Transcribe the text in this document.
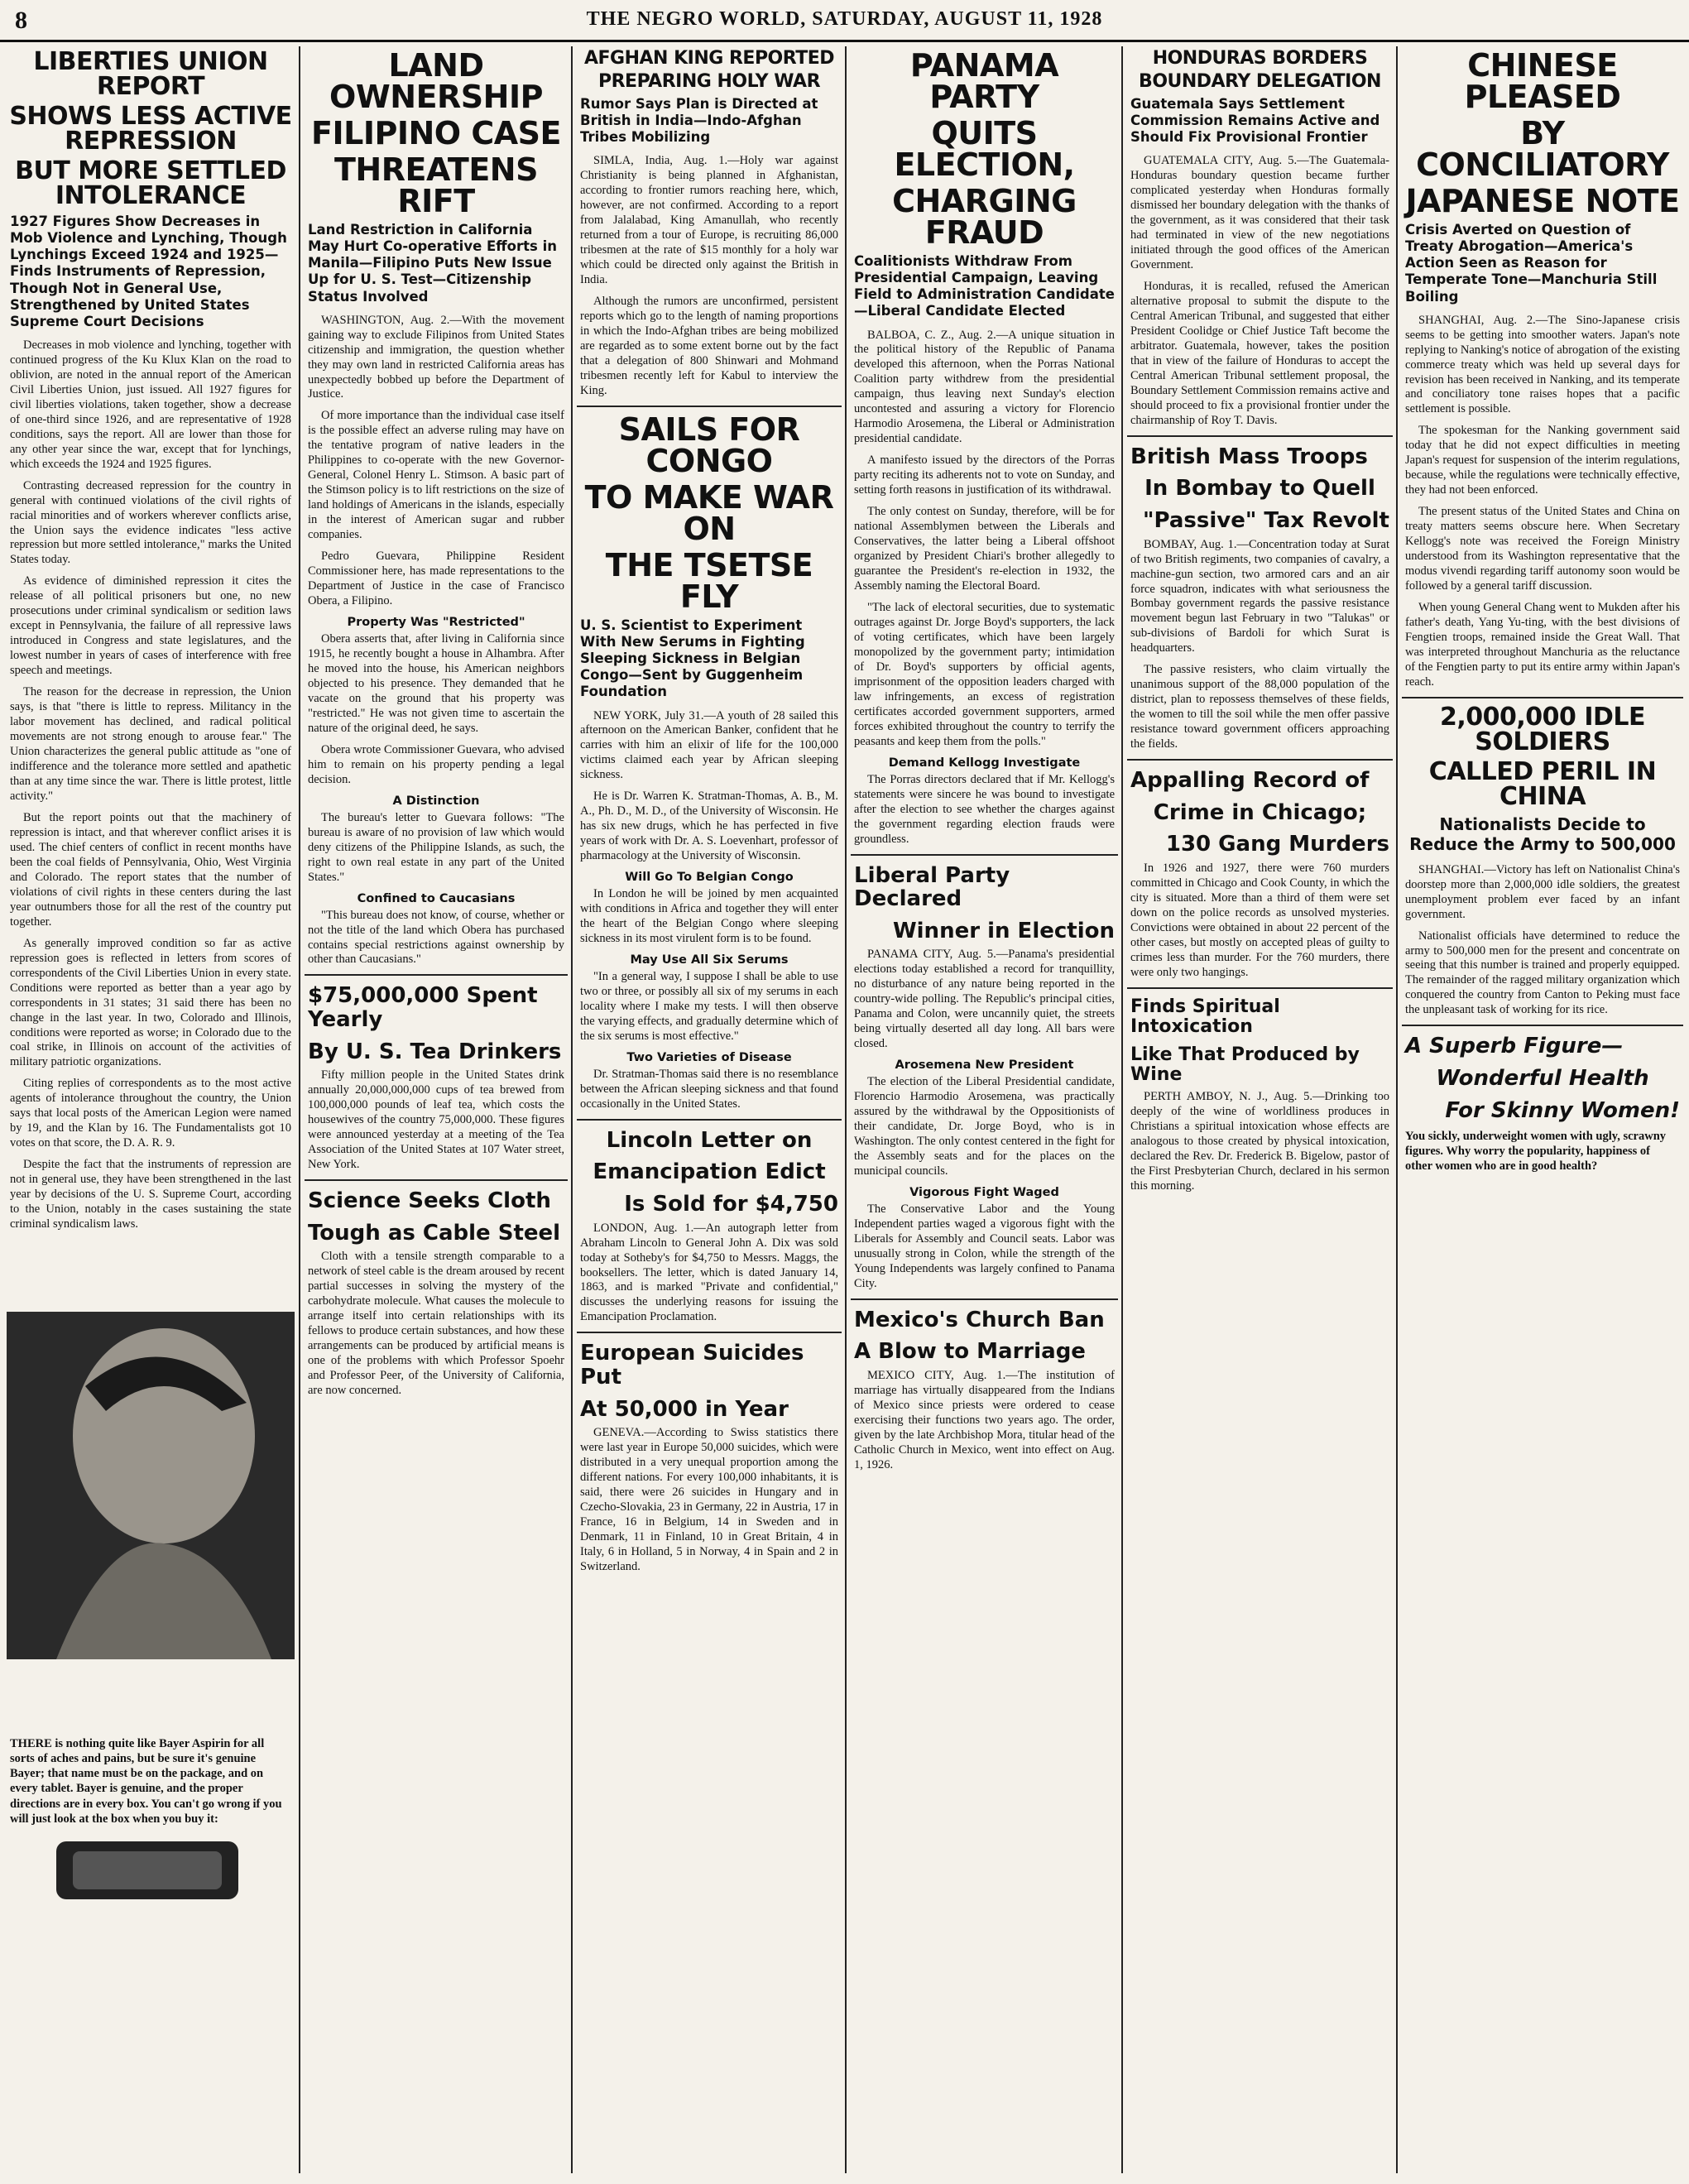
8	THE NEGRO WORLD, SATURDAY, AUGUST 11, 1928
LIBERTIES UNION REPORT
SHOWS LESS ACTIVE REPRESSION
BUT MORE SETTLED INTOLERANCE
1927 Figures Show Decreases in Mob Violence and Lynching, Though Lynchings Exceed 1924 and 1925—Finds Instruments of Repression, Though Not in General Use, Strengthened by United States Supreme Court Decisions
Decreases in mob violence and lynching, together with continued progress of the Ku Klux Klan on the road to oblivion, are noted in the annual report of the American Civil Liberties Union, just issued. All 1927 figures for civil liberties violations, taken together, show a decrease of one-third since 1926, and are representative of 1928 conditions, says the report. All are lower than those for any other year since the war, except that for lynchings, which exceeds the 1924 and 1925 figures.
Contrasting decreased repression for the country in general with continued violations of the civil rights of racial minorities and of workers wherever conflicts arise, the Union says the evidence indicates "less active repression but more settled intolerance," marks the United States today.
As evidence of diminished repression it cites the release of all political prisoners but one, no new prosecutions under criminal syndicalism or sedition laws except in Pennsylvania, the failure of all repressive laws introduced in Congress and state legislatures, and the lowest number in years of cases of interference with free speech and meetings.
The reason for the decrease in repression, the Union says, is that "there is little to repress. Militancy in the labor movement has declined, and radical political movements are not strong enough to arouse fear." The Union characterizes the general public attitude as "one of indifference and the tolerance more settled and apathetic than at any time since the war. There is little protest, little activity."
But the report points out that the machinery of repression is intact, and that wherever conflict arises it is used. The chief centers of conflict in recent months have been the coal fields of Pennsylvania, Ohio, West Virginia and Colorado. The report states that the number of violations of civil rights in these centers during the last year outnumbers those for all the rest of the country put together.
As generally improved condition so far as active repression goes is reflected in letters from scores of correspondents of the Civil Liberties Union in every state. Conditions were reported as better than a year ago by correspondents in 31 states; 31 said there has been no change in the last year. In two, Colorado and Illinois, conditions were reported as worse; in Colorado due to the coal strike, in Illinois on account of the activities of military patriotic organizations.
Citing replies of correspondents as to the most active agents of intolerance throughout the country, the Union says that local posts of the American Legion were named by 19, and the Klan by 16. The Fundamentalists got 10 votes on that score, the D. A. R. 9.
Despite the fact that the instruments of repression are not in general use, they have been strengthened in the last year by decisions of the U. S. Supreme Court, according to the Union, notably in the cases sustaining the state criminal syndicalism laws.
THERE is nothing quite like Bayer Aspirin for all sorts of aches and pains, but be sure it's genuine Bayer; that name must be on the package, and on every tablet. Bayer is genuine, and the proper directions are in every box. You can't go wrong if you will just look at the box when you buy it:
LAND OWNERSHIP
FILIPINO CASE
THREATENS RIFT
Land Restriction in California May Hurt Co-operative Efforts in Manila—Filipino Puts New Issue Up for U. S. Test—Citizenship Status Involved
WASHINGTON, Aug. 2.—With the movement gaining way to exclude Filipinos from United States citizenship and immigration, the question whether they may own land in restricted California areas has unexpectedly bobbed up before the Department of Justice.
Of more importance than the individual case itself is the possible effect an adverse ruling may have on the tentative program of native leaders in the Philippines to co-operate with the new Governor-General, Colonel Henry L. Stimson. A basic part of the Stimson policy is to lift restrictions on the size of land holdings of Americans in the islands, especially in the interest of American sugar and rubber companies.
Pedro Guevara, Philippine Resident Commissioner here, has made representations to the Department of Justice in the case of Francisco Obera, a Filipino.
Property Was "Restricted"
Obera asserts that, after living in California since 1915, he recently bought a house in Alhambra. After he moved into the house, his American neighbors objected to his presence. They demanded that he vacate on the ground that his property was "restricted." He was not given time to ascertain the nature of the original deed, he says.
Obera wrote Commissioner Guevara, who advised him to remain on his property pending a legal decision.
A Distinction
The bureau's letter to Guevara follows: "The bureau is aware of no provision of law which would deny citizens of the Philippine Islands, as such, the right to own real estate in any part of the United States."
Confined to Caucasians
"This bureau does not know, of course, whether or not the title of the land which Obera has purchased contains special restrictions against ownership by other than Caucasians."
$75,000,000 Spent Yearly
By U. S. Tea Drinkers
Fifty million people in the United States drink annually 20,000,000,000 cups of tea brewed from 100,000,000 pounds of leaf tea, which costs the housewives of the country 75,000,000. These figures were announced yesterday at a meeting of the Tea Association of the United States at 107 Water street, New York.
Science Seeks Cloth
Tough as Cable Steel
Cloth with a tensile strength comparable to a network of steel cable is the dream aroused by recent partial successes in solving the mystery of the carbohydrate molecule. What causes the molecule to arrange itself into certain relationships with its fellows to produce certain substances, and how these arrangements can be produced by artificial means is one of the problems with which Professor Spoehr and Professor Peer, of the University of California, are now concerned.
AFGHAN KING REPORTED
PREPARING HOLY WAR
Rumor Says Plan is Directed at British in India—Indo-Afghan Tribes Mobilizing
SIMLA, India, Aug. 1.—Holy war against Christianity is being planned in Afghanistan, according to frontier rumors reaching here, which, however, are not confirmed. According to a report from Jalalabad, King Amanullah, who recently returned from a tour of Europe, is recruiting 86,000 tribesmen at the rate of $15 monthly for a holy war which could be directed only against the British in India.
Although the rumors are unconfirmed, persistent reports which go to the length of naming proportions in which the Indo-Afghan tribes are being mobilized are regarded as to some extent borne out by the fact that a delegation of 800 Shinwari and Mohmand tribesmen recently left for Kabul to interview the King.
SAILS FOR CONGO
TO MAKE WAR ON
THE TSETSE FLY
U. S. Scientist to Experiment With New Serums in Fighting Sleeping Sickness in Belgian Congo—Sent by Guggenheim Foundation
NEW YORK, July 31.—A youth of 28 sailed this afternoon on the American Banker, confident that he carries with him an elixir of life for the 100,000 victims claimed each year by African sleeping sickness.
He is Dr. Warren K. Stratman-Thomas, A. B., M. A., Ph. D., M. D., of the University of Wisconsin. He has six new drugs, which he has perfected in five years of work with Dr. A. S. Loevenhart, professor of pharmacology at the University of Wisconsin.
Will Go To Belgian Congo
In London he will be joined by men acquainted with conditions in Africa and together they will enter the heart of the Belgian Congo where sleeping sickness in its most virulent form is to be found.
May Use All Six Serums
"In a general way, I suppose I shall be able to use two or three, or possibly all six of my serums in each locality where I make my tests. I will then observe the varying effects, and gradually determine which of the six serums is most effective."
Two Varieties of Disease
Dr. Stratman-Thomas said there is no resemblance between the African sleeping sickness and that found occasionally in the United States.
Lincoln Letter on
Emancipation Edict
Is Sold for $4,750
LONDON, Aug. 1.—An autograph letter from Abraham Lincoln to General John A. Dix was sold today at Sotheby's for $4,750 to Messrs. Maggs, the booksellers. The letter, which is dated January 14, 1863, and is marked "Private and confidential," discusses the underlying reasons for issuing the Emancipation Proclamation.
European Suicides Put
At 50,000 in Year
GENEVA.—According to Swiss statistics there were last year in Europe 50,000 suicides, which were distributed in a very unequal proportion among the different nations. For every 100,000 inhabitants, it is said, there were 26 suicides in Hungary and in Czecho-Slovakia, 23 in Germany, 22 in Austria, 17 in France, 16 in Belgium, 14 in Sweden and in Denmark, 11 in Finland, 10 in Great Britain, 4 in Italy, 6 in Holland, 5 in Norway, 4 in Spain and 2 in Switzerland.
PANAMA PARTY
QUITS ELECTION,
CHARGING FRAUD
Coalitionists Withdraw From Presidential Campaign, Leaving Field to Administration Candidate—Liberal Candidate Elected
BALBOA, C. Z., Aug. 2.—A unique situation in the political history of the Republic of Panama developed this afternoon, when the Porras National Coalition party withdrew from the presidential campaign, thus leaving next Sunday's election uncontested and assuring a victory for Florencio Harmodio Arosemena, the Liberal or Administration presidential candidate.
A manifesto issued by the directors of the Porras party reciting its adherents not to vote on Sunday, and setting forth reasons in justification of its withdrawal.
The only contest on Sunday, therefore, will be for national Assemblymen between the Liberals and Conservatives, the latter being a Liberal offshoot organized by President Chiari's brother allegedly to guarantee the President's re-election in 1932, the Assembly naming the Electoral Board.
"The lack of electoral securities, due to systematic outrages against Dr. Jorge Boyd's supporters, the lack of voting certificates, which have been largely monopolized by the government party; intimidation of Dr. Boyd's supporters by official agents, imprisonment of the opposition leaders charged with law infringements, an excess of registration certificates accorded government supporters, armed forces exhibited throughout the country to terrify the peasants and keep them from the polls."
Demand Kellogg Investigate
The Porras directors declared that if Mr. Kellogg's statements were sincere he was bound to investigate after the election to see whether the charges against the government regarding election frauds were groundless.
Liberal Party Declared
Winner in Election
PANAMA CITY, Aug. 5.—Panama's presidential elections today established a record for tranquillity, no disturbance of any nature being reported in the country-wide polling. The Republic's principal cities, Panama and Colon, were uncannily quiet, the streets being virtually deserted all day long. All bars were closed.
Arosemena New President
The election of the Liberal Presidential candidate, Florencio Harmodio Arosemena, was practically assured by the withdrawal by the Oppositionists of their candidate, Dr. Jorge Boyd, who is in Washington. The only contest centered in the fight for the Assembly seats and for the places on the municipal councils.
Vigorous Fight Waged
The Conservative Labor and the Young Independent parties waged a vigorous fight with the Liberals for Assembly and Council seats. Labor was unusually strong in Colon, while the strength of the Young Independents was largely confined to Panama City.
Mexico's Church Ban
A Blow to Marriage
MEXICO CITY, Aug. 1.—The institution of marriage has virtually disappeared from the Indians of Mexico since priests were ordered to cease exercising their functions two years ago. The order, given by the late Archbishop Mora, titular head of the Catholic Church in Mexico, went into effect on Aug. 1, 1926.
HONDURAS BORDERS
BOUNDARY DELEGATION
Guatemala Says Settlement Commission Remains Active and Should Fix Provisional Frontier
GUATEMALA CITY, Aug. 5.—The Guatemala-Honduras boundary question became further complicated yesterday when Honduras formally dismissed her boundary delegation with the thanks of the government, as it was considered that their task had terminated in view of the new negotiations initiated through the good offices of the American Government.
Honduras, it is recalled, refused the American alternative proposal to submit the dispute to the Central American Tribunal, and suggested that either President Coolidge or Chief Justice Taft become the arbitrator. Guatemala, however, takes the position that in view of the failure of Honduras to accept the Central American Tribunal settlement proposal, the Boundary Settlement Commission remains active and should proceed to fix a provisional frontier under the chairmanship of Roy T. Davis.
British Mass Troops
In Bombay to Quell
"Passive" Tax Revolt
BOMBAY, Aug. 1.—Concentration today at Surat of two British regiments, two companies of cavalry, a machine-gun section, two armored cars and an air force squadron, indicates with what seriousness the Bombay government regards the passive resistance movement begun last February in two "Talukas" or sub-divisions of Bardoli for which Surat is headquarters.
The passive resisters, who claim virtually the unanimous support of the 88,000 population of the district, plan to repossess themselves of these fields, the women to till the soil while the men offer passive resistance toward government officers approaching the fields.
Appalling Record of
Crime in Chicago;
130 Gang Murders
In 1926 and 1927, there were 760 murders committed in Chicago and Cook County, in which the city is situated. More than a third of them were set down on the police records as unsolved mysteries. Convictions were obtained in about 22 percent of the other cases, but mostly on accepted pleas of guilty to crimes less than murder. For the 760 murders, there were only two hangings.
Finds Spiritual Intoxication
Like That Produced by Wine
PERTH AMBOY, N. J., Aug. 5.—Drinking too deeply of the wine of worldliness produces in Christians a spiritual intoxication whose effects are analogous to those created by physical intoxication, declared the Rev. Dr. Frederick B. Bigelow, pastor of the First Presbyterian Church, declared in his sermon this morning.
CHINESE PLEASED
BY CONCILIATORY
JAPANESE NOTE
Crisis Averted on Question of Treaty Abrogation—America's Action Seen as Reason for Temperate Tone—Manchuria Still Boiling
SHANGHAI, Aug. 2.—The Sino-Japanese crisis seems to be getting into smoother waters. Japan's note replying to Nanking's notice of abrogation of the existing commerce treaty which was held up several days for revision has been received in Nanking, and its temperate and conciliatory tone raises hopes that a pacific settlement is possible.
The spokesman for the Nanking government said today that he did not expect difficulties in meeting Japan's request for suspension of the interim regulations, because, while the regulations were technically effective, they had not been enforced.
The present status of the United States and China on treaty matters seems obscure here. When Secretary Kellogg's note was received the Foreign Ministry understood from its Washington representative that the modus vivendi regarding tariff autonomy soon would be followed by a general tariff discussion.
When young General Chang went to Mukden after his father's death, Yang Yu-ting, with the best divisions of Fengtien troops, remained inside the Great Wall. That was interpreted throughout Manchuria as the reluctance of the Fengtien party to put its entire army within Japan's reach.
2,000,000 IDLE SOLDIERS
CALLED PERIL IN CHINA
Nationalists Decide to Reduce the Army to 500,000
SHANGHAI.—Victory has left on Nationalist China's doorstep more than 2,000,000 idle soldiers, the greatest unemployment problem ever faced by an infant government.
Nationalist officials have determined to reduce the army to 500,000 men for the present and concentrate on seeing that this number is trained and properly equipped. The remainder of the ragged military organization which conquered the country from Canton to Peking must face the unpleasant task of working for its rice.
A Superb Figure—
Wonderful Health
For Skinny Women!
You sickly, underweight women with ugly, scrawny figures. Why worry the popularity, happiness of other women who are in good health?
